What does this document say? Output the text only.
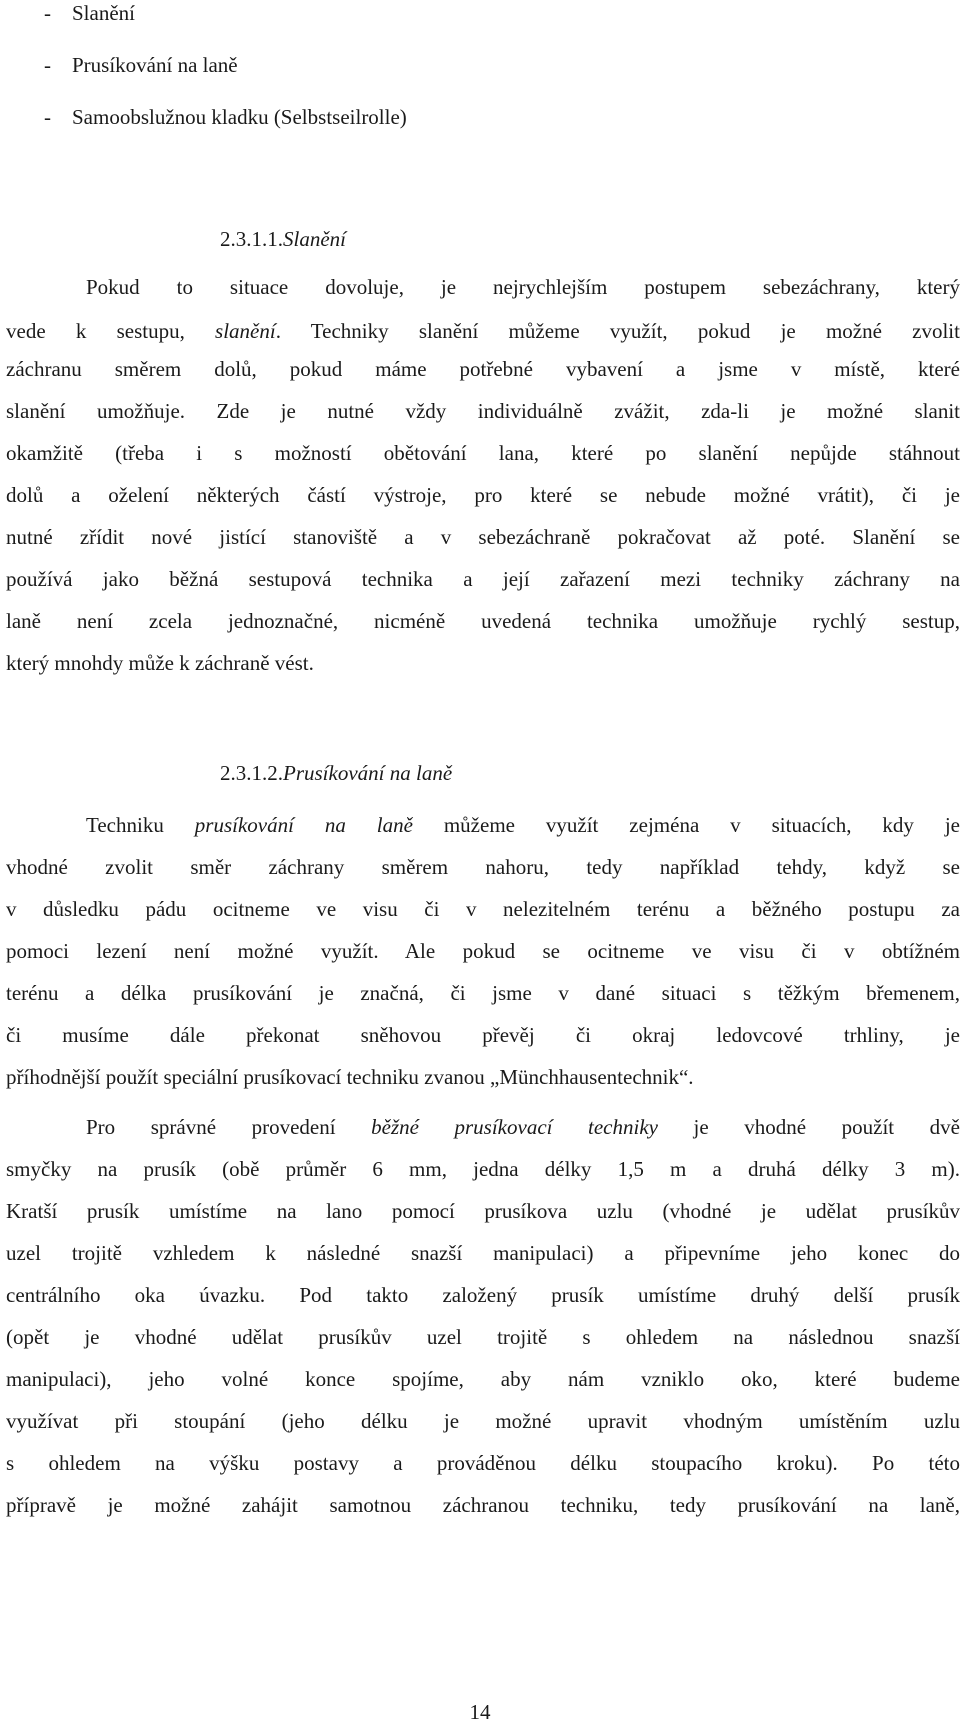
- Slanění
- Prusíkování na laně
- Samoobslužnou kladku (Selbstseilrolle)
2.3.1.1.Slanění
Pokud to situace dovoluje, je nejrychlejším postupem sebezáchrany, který
vede k sestupu, slanění. Techniky slanění můžeme využít, pokud je možné zvolit
záchranu směrem dolů, pokud máme potřebné vybavení a jsme v místě, které
slanění umožňuje. Zde je nutné vždy individuálně zvážit, zda-li je možné slanit
okamžitě (třeba i s možností obětování lana, které po slanění nepůjde stáhnout
dolů a oželení některých částí výstroje, pro které se nebude možné vrátit), či je
nutné zřídit nové jistící stanoviště a v sebezáchraně pokračovat až poté. Slanění se
používá jako běžná sestupová technika a její zařazení mezi techniky záchrany na
laně není zcela jednoznačné, nicméně uvedená technika umožňuje rychlý sestup,
který mnohdy může k záchraně vést.
2.3.1.2.Prusíkování na laně
Techniku prusíkování na laně můžeme využít zejména v situacích, kdy je
vhodné zvolit směr záchrany směrem nahoru, tedy například tehdy, když se
v důsledku pádu ocitneme ve visu či v nelezitelném terénu a běžného postupu za
pomoci lezení není možné využít. Ale pokud se ocitneme ve visu či v obtížném
terénu a délka prusíkování je značná, či jsme v dané situaci s těžkým břemenem,
či musíme dále překonat sněhovou převěj či okraj ledovcové trhliny, je
příhodnější použít speciální prusíkovací techniku zvanou „Münchhausentechnik“.
Pro správné provedení běžné prusíkovací techniky je vhodné použít dvě
smyčky na prusík (obě průměr 6 mm, jedna délky 1,5 m a druhá délky 3 m).
Kratší prusík umístíme na lano pomocí prusíkova uzlu (vhodné je udělat prusíkův
uzel trojitě vzhledem k následné snazší manipulaci) a připevníme jeho konec do
centrálního oka úvazku. Pod takto založený prusík umístíme druhý delší prusík
(opět je vhodné udělat prusíkův uzel trojitě s ohledem na následnou snazší
manipulaci), jeho volné konce spojíme, aby nám vzniklo oko, které budeme
využívat při stoupání (jeho délku je možné upravit vhodným umístěním uzlu
s ohledem na výšku postavy a prováděnou délku stoupacího kroku). Po této
přípravě je možné zahájit samotnou záchranou techniku, tedy prusíkování na laně,
14
